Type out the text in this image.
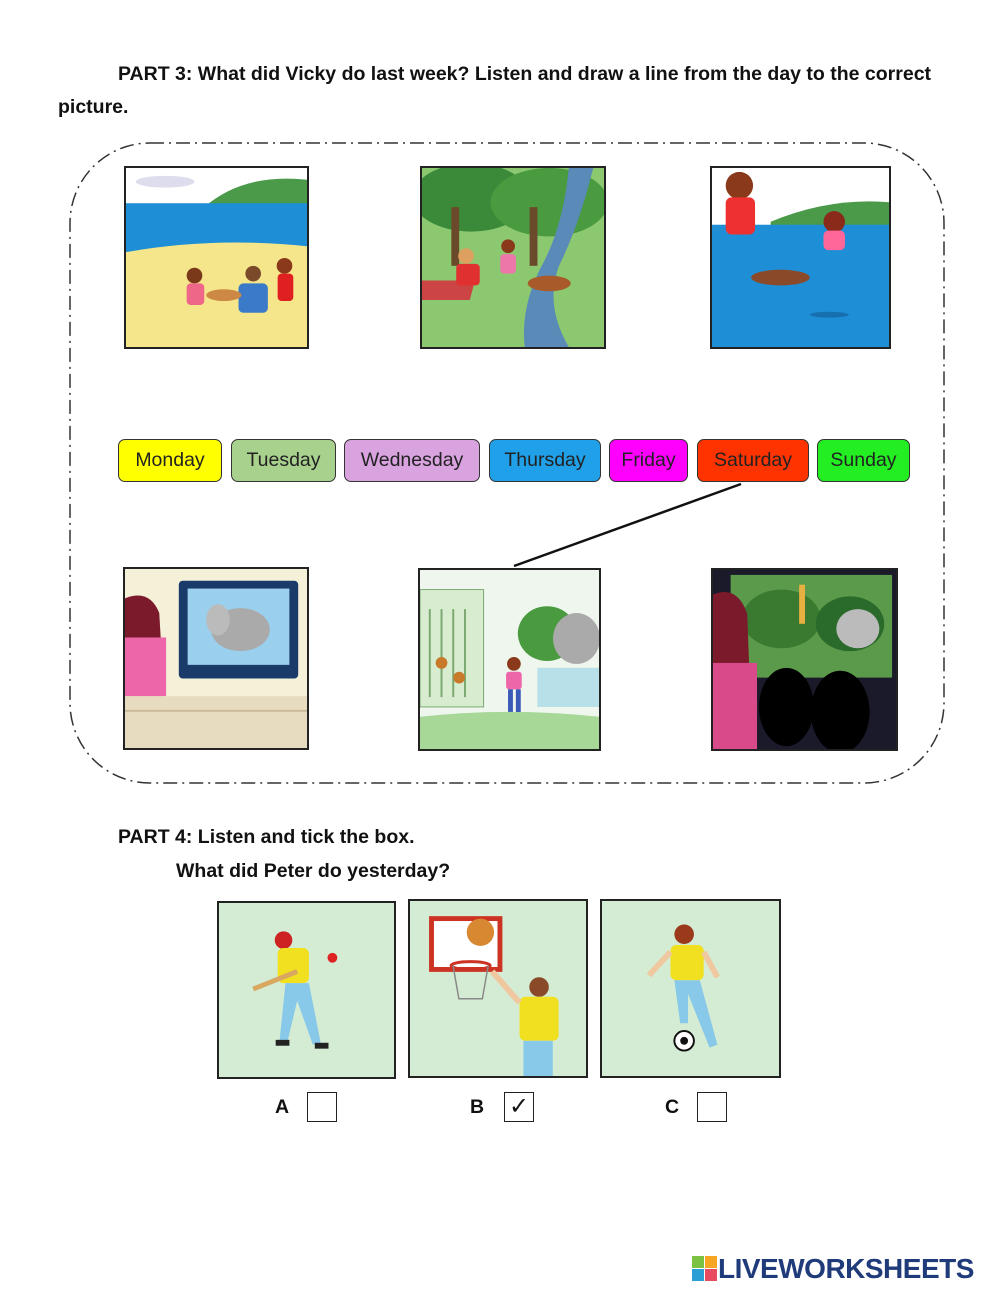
PART 3: What did Vicky do last week? Listen and draw a line from the day to the correct picture.

Monday Tuesday Wednesday Thursday Friday Saturday Sunday

PART 4: Listen and tick the box.

What did Peter do yesterday?

A	B ✓	C
LIVEWORKSHEETS
